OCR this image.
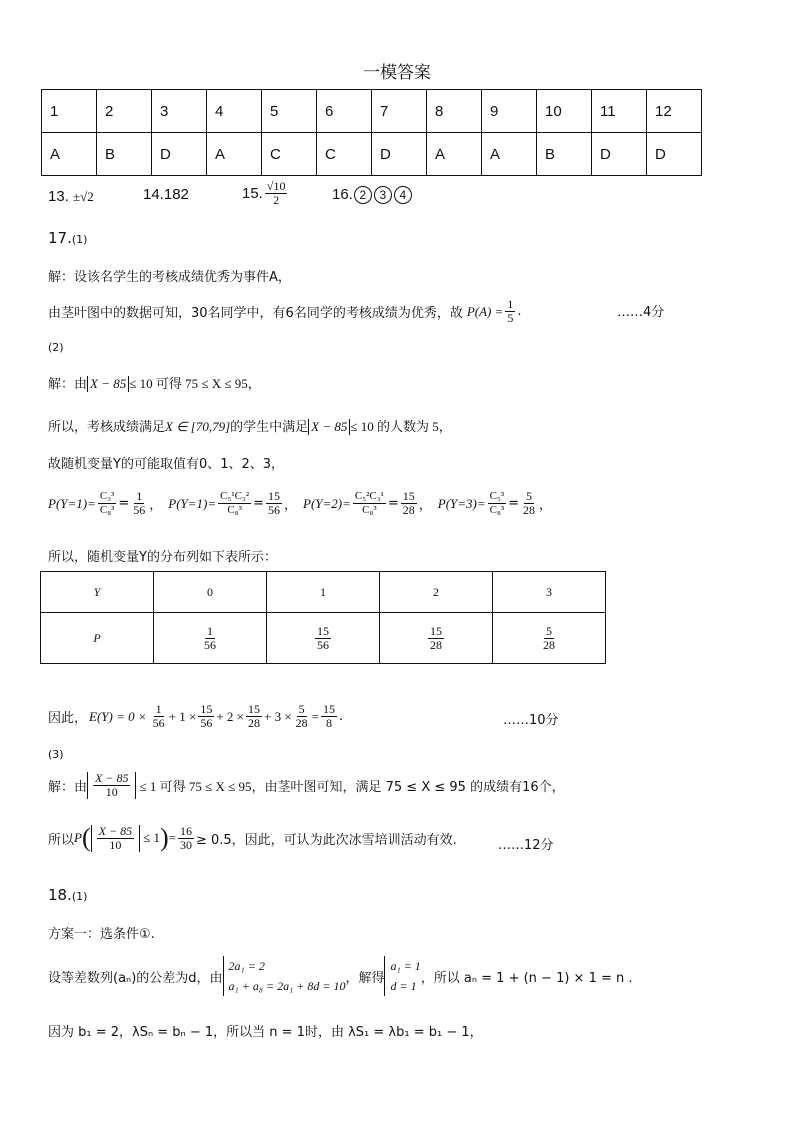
一模答案
1	2	3	4	5	6	7	8	9	10	11	12
A	B	D	A	C	C	D	A	A	B	D	D
13. ±√2	14.182	15. $\frac{√10}{2}$	16. 2 3 4
17.(1)
解：设该名学生的考核成绩优秀为事件A，
由茎叶图中的数据可知，30名同学中，有6名同学的考核成绩为优秀，故 $P(A) = \frac{1}{5}$ .	……4分
(2)
解：由 X − 85 ≤ 10 可得 75 ≤ X ≤ 95，
所以，考核成绩满足X ∈ [70,79]的学生中满足 X − 85 ≤ 10 的人数为 5，
故随机变量Y的可能取值有0、1、2、3，
$P(Y=1)= \frac{\text{C₃³}}{\text{C₈³}} = \frac{1}{56}$ ， $P(Y=1)= \frac{\text{C₅¹C₃²}}{\text{C₈³}} = \frac{15}{56}$ ， $P(Y=2)= \frac{\text{C₅²C₃¹}}{\text{C₈³}} = \frac{15}{28}$ ， $P(Y=3)= \frac{\text{C₅³}}{\text{C₈³}} = \frac{5}{28}$ ，
所以，随机变量Y的分布列如下表所示：
Y	0	1	2	3
P	$\frac{1}{56}$	$\frac{15}{56}$	$\frac{15}{28}$	$\frac{5}{28}$
因此， $E(Y) = 0 \times \frac{1}{56} + 1 \times \frac{15}{56} + 2 \times \frac{15}{28} + 3 \times \frac{5}{28} = \frac{15}{8}$ .	……10分
(3)
解：由 $\frac{X - 85}{10} \le 1$ 可得 75 ≤ X ≤ 95 ，由茎叶图可知，满足 75 ≤ X ≤ 95 的成绩有16个，
所以 P ( $\frac{X - 85}{10} \le 1$ ) = $\frac{16}{30} \ge 0.5$，因此，可认为此次冰雪培训活动有效.	……12分
18.(1)
方案一：选条件①.
设等差数列(aₙ)的公差为d，由
2a₁ = 2
a₁ + a₈ = 2a₁ + 8d = 10
，解得
a₁ = 1
d = 1
，所以 aₙ = 1 + (n − 1) × 1 = n .
因为 b₁ = 2，λSₙ = bₙ − 1，所以当 n = 1时，由 λS₁ = λb₁ = b₁ − 1，
